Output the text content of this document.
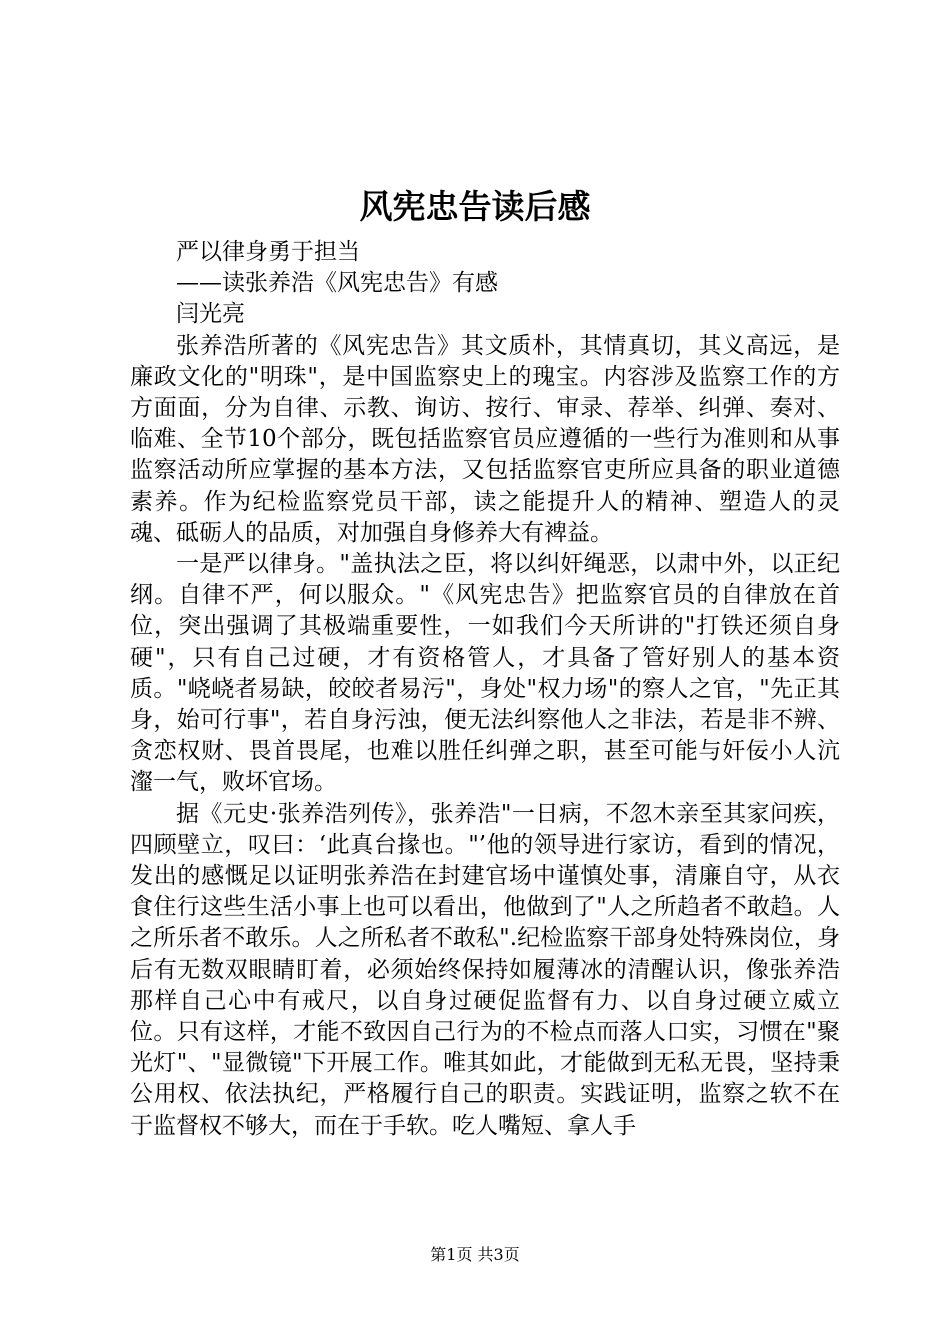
风宪忠告读后感

严以律身勇于担当

——读张养浩《风宪忠告》有感

闫光亮

张养浩所著的《风宪忠告》其文质朴，其情真切，其义高远，是廉政文化的"明珠"，是中国监察史上的瑰宝。内容涉及监察工作的方方面面，分为自律、示教、询访、按行、审录、荐举、纠弹、奏对、临难、全节10个部分，既包括监察官员应遵循的一些行为准则和从事监察活动所应掌握的基本方法，又包括监察官吏所应具备的职业道德素养。作为纪检监察党员干部，读之能提升人的精神、塑造人的灵魂、砥砺人的品质，对加强自身修养大有裨益。

一是严以律身。"盖执法之臣，将以纠奸绳恶，以肃中外，以正纪纲。自律不严，何以服众。"《风宪忠告》把监察官员的自律放在首位，突出强调了其极端重要性，一如我们今天所讲的"打铁还须自身硬"，只有自己过硬，才有资格管人，才具备了管好别人的基本资质。"峣峣者易缺，皎皎者易污"，身处"权力场"的察人之官，"先正其身，始可行事"，若自身污浊，便无法纠察他人之非法，若是非不辨、贪恋权财、畏首畏尾，也难以胜任纠弹之职，甚至可能与奸佞小人沆瀣一气，败坏官场。

据《元史·张养浩列传》，张养浩"一日病，不忽木亲至其家问疾，四顾壁立，叹曰：‘此真台掾也。"’他的领导进行家访，看到的情况，发出的感慨足以证明张养浩在封建官场中谨慎处事，清廉自守，从衣食住行这些生活小事上也可以看出，他做到了"人之所趋者不敢趋。人之所乐者不敢乐。人之所私者不敢私".纪检监察干部身处特殊岗位，身后有无数双眼睛盯着，必须始终保持如履薄冰的清醒认识，像张养浩那样自己心中有戒尺，以自身过硬促监督有力、以自身过硬立威立位。只有这样，才能不致因自己行为的不检点而落人口实，习惯在"聚光灯"、"显微镜"下开展工作。唯其如此，才能做到无私无畏，坚持秉公用权、依法执纪，严格履行自己的职责。实践证明，监察之软不在于监督权不够大，而在于手软。吃人嘴短、拿人手

第1页 共3页
